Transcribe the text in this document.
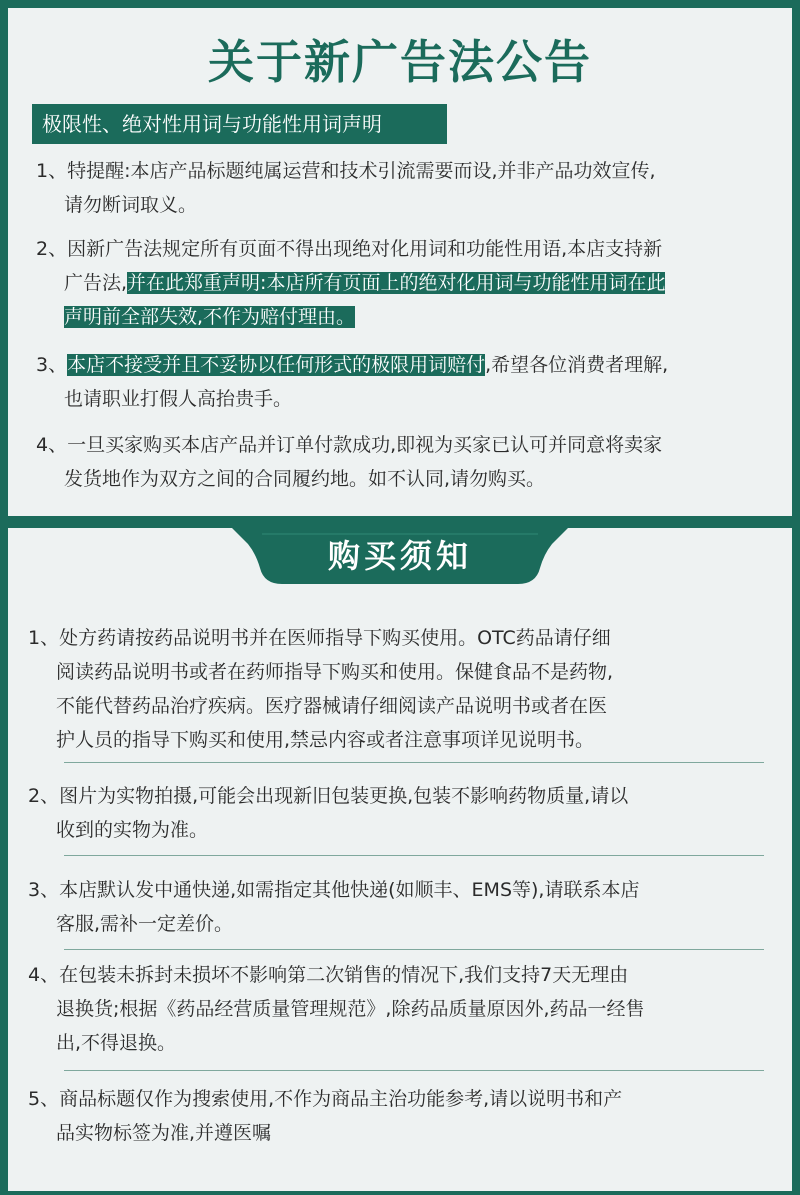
关于新广告法公告
极限性、绝对性用词与功能性用词声明
1、特提醒:本店产品标题纯属运营和技术引流需要而设,并非产品功效宣传,
请勿断词取义。
2、因新广告法规定所有页面不得出现绝对化用词和功能性用语,本店支持新
广告法,并在此郑重声明:本店所有页面上的绝对化用词与功能性用词在此
声明前全部失效,不作为赔付理由。
3、本店不接受并且不妥协以任何形式的极限用词赔付,希望各位消费者理解,
也请职业打假人高抬贵手。
4、一旦买家购买本店产品并订单付款成功,即视为买家已认可并同意将卖家
发货地作为双方之间的合同履约地。如不认同,请勿购买。
购买须知
1、处方药请按药品说明书并在医师指导下购买使用。OTC药品请仔细
阅读药品说明书或者在药师指导下购买和使用。保健食品不是药物,
不能代替药品治疗疾病。医疗器械请仔细阅读产品说明书或者在医
护人员的指导下购买和使用,禁忌内容或者注意事项详见说明书。
2、图片为实物拍摄,可能会出现新旧包装更换,包装不影响药物质量,请以
收到的实物为准。
3、本店默认发中通快递,如需指定其他快递(如顺丰、EMS等),请联系本店
客服,需补一定差价。
4、在包装未拆封未损坏不影响第二次销售的情况下,我们支持7天无理由
退换货;根据《药品经营质量管理规范》,除药品质量原因外,药品一经售
出,不得退换。
5、商品标题仅作为搜索使用,不作为商品主治功能参考,请以说明书和产
品实物标签为准,并遵医嘱
